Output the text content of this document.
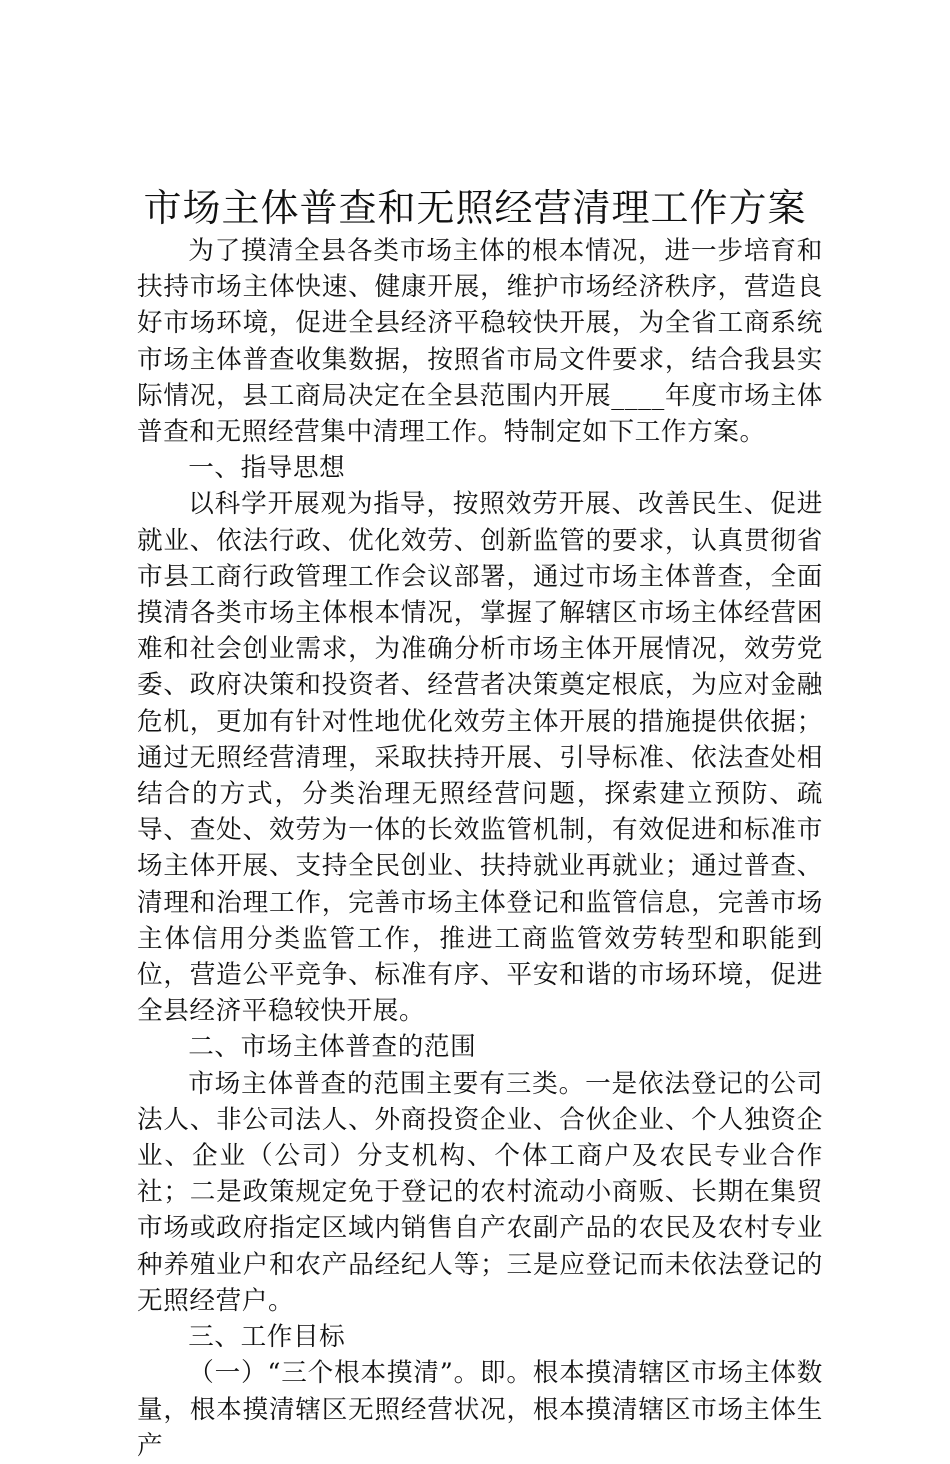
市场主体普查和无照经营清理工作方案

为了摸清全县各类市场主体的根本情况，进一步培育和扶持市场主体快速、健康开展，维护市场经济秩序，营造良好市场环境，促进全县经济平稳较快开展，为全省工商系统市场主体普查收集数据，按照省市局文件要求，结合我县实际情况，县工商局决定在全县范围内开展____年度市场主体普查和无照经营集中清理工作。特制定如下工作方案。

一、指导思想

以科学开展观为指导，按照效劳开展、改善民生、促进就业、依法行政、优化效劳、创新监管的要求，认真贯彻省市县工商行政管理工作会议部署，通过市场主体普查，全面摸清各类市场主体根本情况，掌握了解辖区市场主体经营困难和社会创业需求，为准确分析市场主体开展情况，效劳党委、政府决策和投资者、经营者决策奠定根底，为应对金融危机，更加有针对性地优化效劳主体开展的措施提供依据；通过无照经营清理，采取扶持开展、引导标准、依法查处相结合的方式，分类治理无照经营问题，探索建立预防、疏导、查处、效劳为一体的长效监管机制，有效促进和标准市场主体开展、支持全民创业、扶持就业再就业；通过普查、清理和治理工作，完善市场主体登记和监管信息，完善市场主体信用分类监管工作，推进工商监管效劳转型和职能到位，营造公平竞争、标准有序、平安和谐的市场环境，促进全县经济平稳较快开展。

二、市场主体普查的范围

市场主体普查的范围主要有三类。一是依法登记的公司法人、非公司法人、外商投资企业、合伙企业、个人独资企业、企业（公司）分支机构、个体工商户及农民专业合作社；二是政策规定免于登记的农村流动小商贩、长期在集贸市场或政府指定区域内销售自产农副产品的农民及农村专业种养殖业户和农产品经纪人等；三是应登记而未依法登记的无照经营户。

三、工作目标

（一）“三个根本摸清”。即。根本摸清辖区市场主体数量，根本摸清辖区无照经营状况，根本摸清辖区市场主体生产
